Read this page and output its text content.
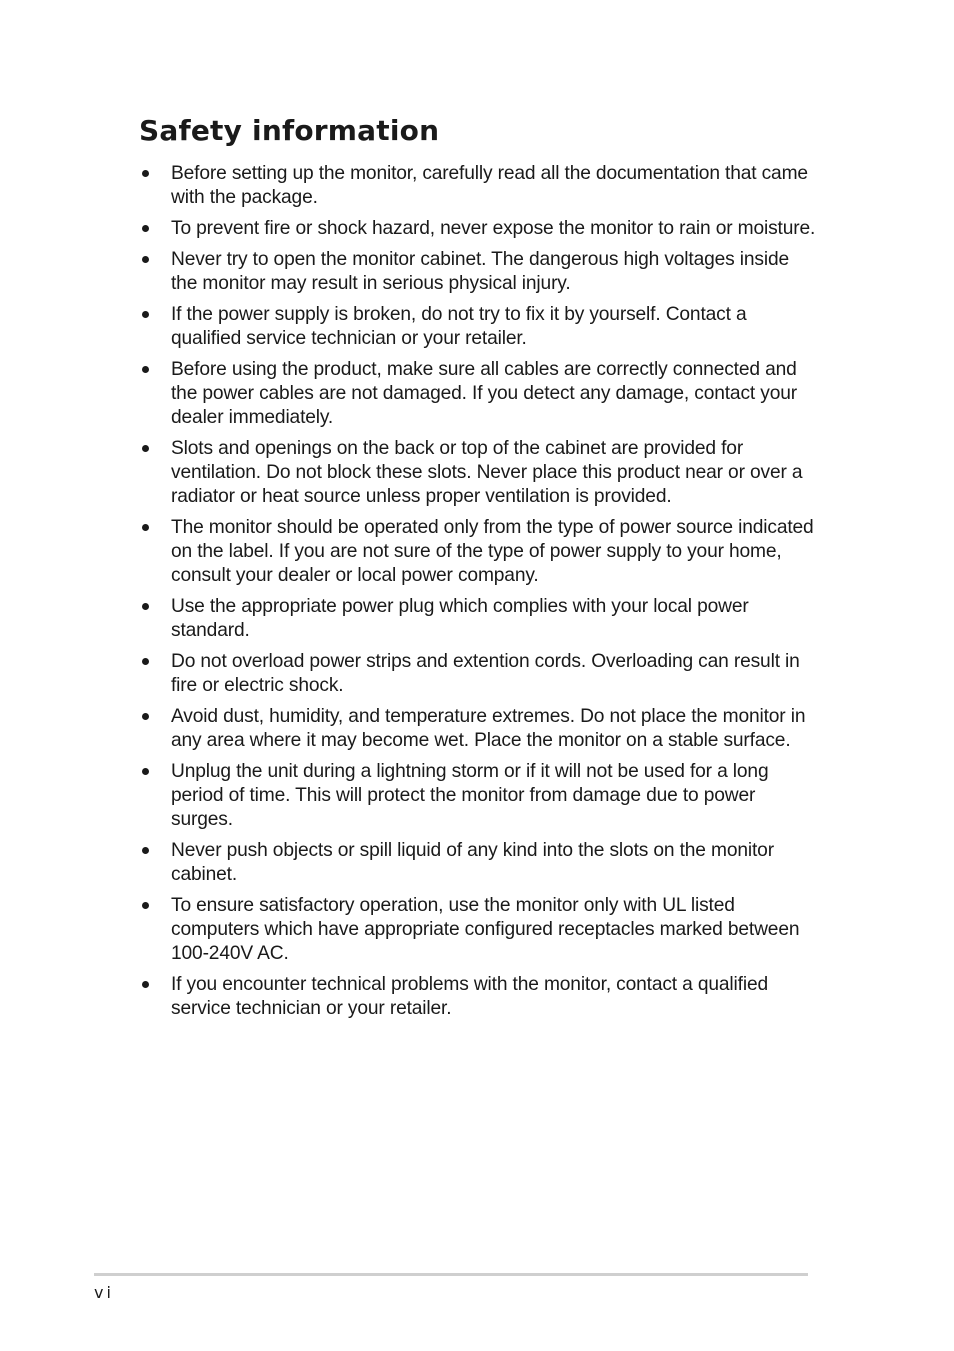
Safety information
Before setting up the monitor, carefully read all the documentation that came with the package.
To prevent fire or shock hazard, never expose the monitor to rain or moisture.
Never try to open the monitor cabinet. The dangerous high voltages inside the monitor may result in serious physical injury.
If the power supply is broken, do not try to fix it by yourself. Contact a qualified service technician or your retailer.
Before using the product, make sure all cables are correctly connected and the power cables are not damaged. If you detect any damage, contact your dealer immediately.
Slots and openings on the back or top of the cabinet are provided for ventilation. Do not block these slots. Never place this product near or over a radiator or heat source unless proper ventilation is provided.
The monitor should be operated only from the type of power source indicated on the label. If you are not sure of the type of power supply to your home, consult your dealer or local power company.
Use the appropriate power plug which complies with your local power standard.
Do not overload power strips and extention cords. Overloading can result in fire or electric shock.
Avoid dust, humidity, and temperature extremes. Do not place the monitor in any area where it may become wet. Place the monitor on a stable surface.
Unplug the unit during a lightning storm or if it will not be used for a long period of time. This will protect the monitor from damage due to power surges.
Never push objects or spill liquid of any kind into the slots on the monitor cabinet.
To ensure satisfactory operation, use the monitor only with UL listed computers which have appropriate configured receptacles marked between 100-240V AC.
If you encounter technical problems with the monitor, contact a qualified service technician or your retailer.
vi
